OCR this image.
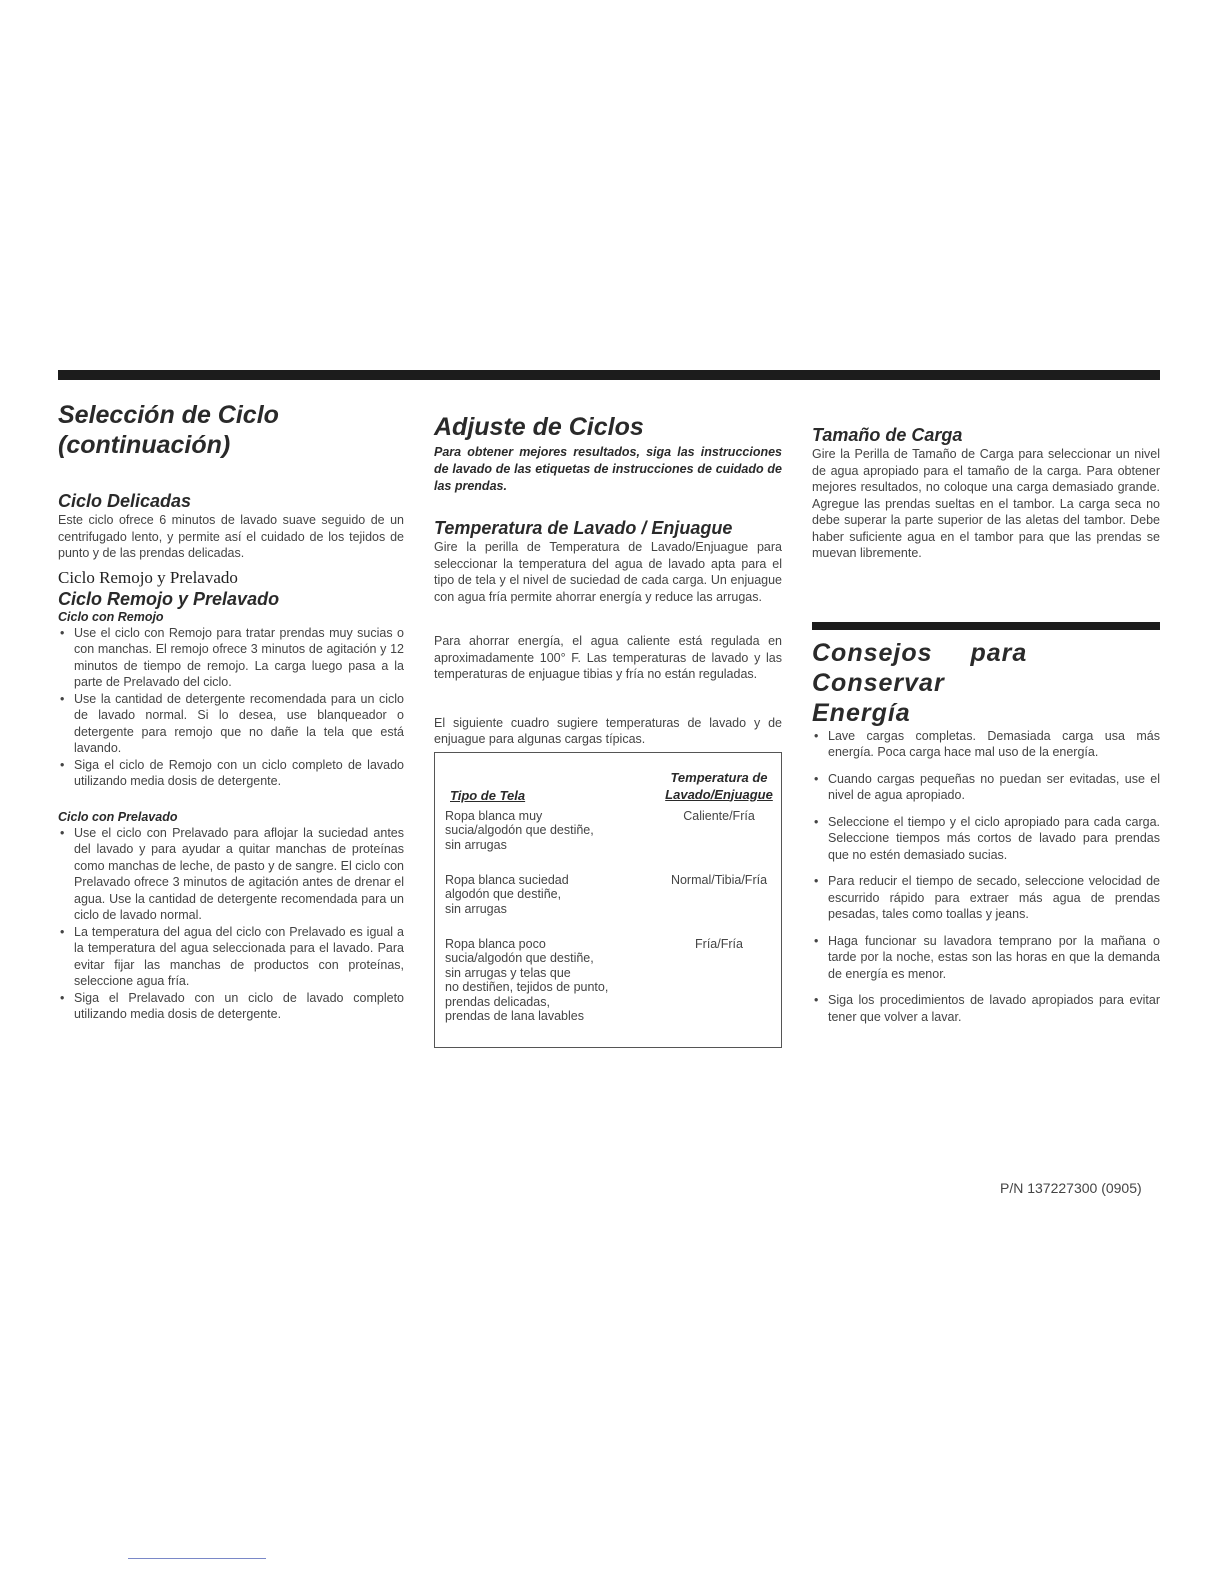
Selección de Ciclo
(continuación)
Ciclo Delicadas

Este ciclo ofrece 6 minutos de lavado suave seguido de un centrifugado lento, y permite así el cuidado de los tejidos de punto y de las prendas delicadas.

Ciclo Remojo y Prelavado
Ciclo Remojo y Prelavado
Ciclo con Remojo
• Use el ciclo con Remojo para tratar prendas muy sucias o con manchas. El remojo ofrece 3 minutos de agitación y 12 minutos de tiempo de remojo. La carga luego pasa a la parte de Prelavado del ciclo.
• Use la cantidad de detergente recomendada para un ciclo de lavado normal. Si lo desea, use blanqueador o detergente para remojo que no dañe la tela que está lavando.
• Siga el ciclo de Remojo con un ciclo completo de lavado utilizando media dosis de detergente.
Ciclo con Prelavado
• Use el ciclo con Prelavado para aflojar la suciedad antes del lavado y para ayudar a quitar manchas de proteínas como manchas de leche, de pasto y de sangre. El ciclo con Prelavado ofrece 3 minutos de agitación antes de drenar el agua. Use la cantidad de detergente recomendada para un ciclo de lavado normal.
• La temperatura del agua del ciclo con Prelavado es igual a la temperatura del agua seleccionada para el lavado. Para evitar fijar las manchas de productos con proteínas, seleccione agua fría.
• Siga el Prelavado con un ciclo de lavado completo utilizando media dosis de detergente.
Adjuste de Ciclos

Para obtener mejores resultados, siga las instrucciones de lavado de las etiquetas de instrucciones de cuidado de las prendas.

Temperatura de Lavado / Enjuague

Gire la perilla de Temperatura de Lavado/Enjuague para seleccionar la temperatura del agua de lavado apta para el tipo de tela y el nivel de suciedad de cada carga. Un enjuague con agua fría permite ahorrar energía y reduce las arrugas.

Para ahorrar energía, el agua caliente está regulada en aproximadamente 100° F. Las temperaturas de lavado y las temperaturas de enjuague tibias y fría no están reguladas.

El siguiente cuadro sugiere temperaturas de lavado y de enjuague para algunas cargas típicas.

Tipo de Tela
Temperatura de
Lavado/Enjuague
Ropa blanca muy
sucia/algodón que destiñe,
sin arrugas
Caliente/Fría
Ropa blanca suciedad
algodón que destiñe,
sin arrugas
Normal/Tibia/Fría
Ropa blanca poco
sucia/algodón que destiñe,
sin arrugas y telas que
no destiñen, tejidos de punto,
prendas delicadas,
prendas de lana lavables
Fría/Fría
Tamaño de Carga

Gire la Perilla de Tamaño de Carga para seleccionar un nivel de agua apropiado para el tamaño de la carga. Para obtener mejores resultados, no coloque una carga demasiado grande. Agregue las prendas sueltas en el tambor. La carga seca no debe superar la parte superior de las aletas del tambor. Debe haber suficiente agua en el tambor para que las prendas se muevan libremente.

Consejos para Conservar
Energía
• Lave cargas completas. Demasiada carga usa más energía. Poca carga hace mal uso de la energía.
• Cuando cargas pequeñas no puedan ser evitadas, use el nivel de agua apropiado.
• Seleccione el tiempo y el ciclo apropiado para cada carga. Seleccione tiempos más cortos de lavado para prendas que no estén demasiado sucias.
• Para reducir el tiempo de secado, seleccione velocidad de escurrido rápido para extraer más agua de prendas pesadas, tales como toallas y jeans.
• Haga funcionar su lavadora temprano por la mañana o tarde por la noche, estas son las horas en que la demanda de energía es menor.
• Siga los procedimientos de lavado apropiados para evitar tener que volver a lavar.
P/N 137227300 (0905)
